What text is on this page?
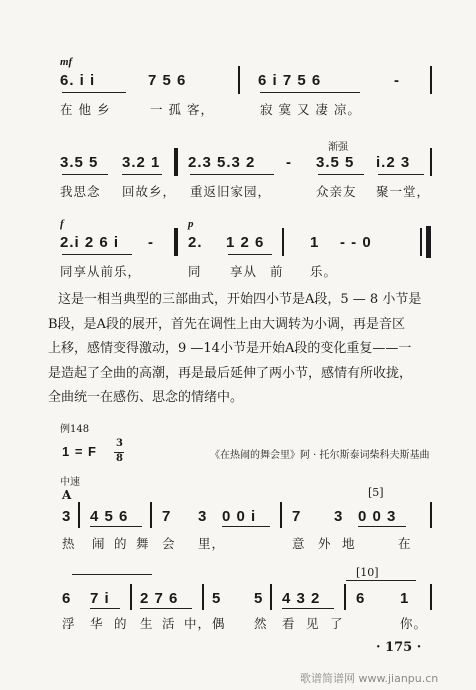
mf
6. i i	7 5 6	6 i 7 5 6	-
在 他 乡	一 孤 客，	寂 寞 又 凄 凉。
渐强
3.5 5 3.2 1 2.3 5.3 2 - 3.5 5 i.2 3
我思念 回故乡， 重返旧家园，	众亲友 聚一堂，
f	p
2.i 2 6 i - 2. 1 2 6	1 - - 0
同享从前乐，	同 享从 前 乐。
这是一相当典型的三部曲式，开始四小节是A段，5 — 8 小节是
B段，是A段的展开，首先在调性上由大调转为小调，再是音区
上移，感情变得激动，9 —14小节是开始A段的变化重复——一
是造起了全曲的高潮，再是最后延伸了两小节，感情有所收拢，
全曲统一在感伤、思念的情绪中。
例148
1 = F
3
8	《在热闹的舞会里》阿 · 托尔斯泰词柴科夫斯基曲
中速
A	[5]
3 4 5 6 7 3 0 0 i 7 3 0 0 3
热 闹 的 舞 会 里，	意 外 地	在
[10]
6 7 i 2 7 6 5 5 4 3 2 6 1
浮 华 的 生 活 中， 偶 然 看 见 了	你。
· 175 ·
歌谱简谱网 www.jianpu.cn
